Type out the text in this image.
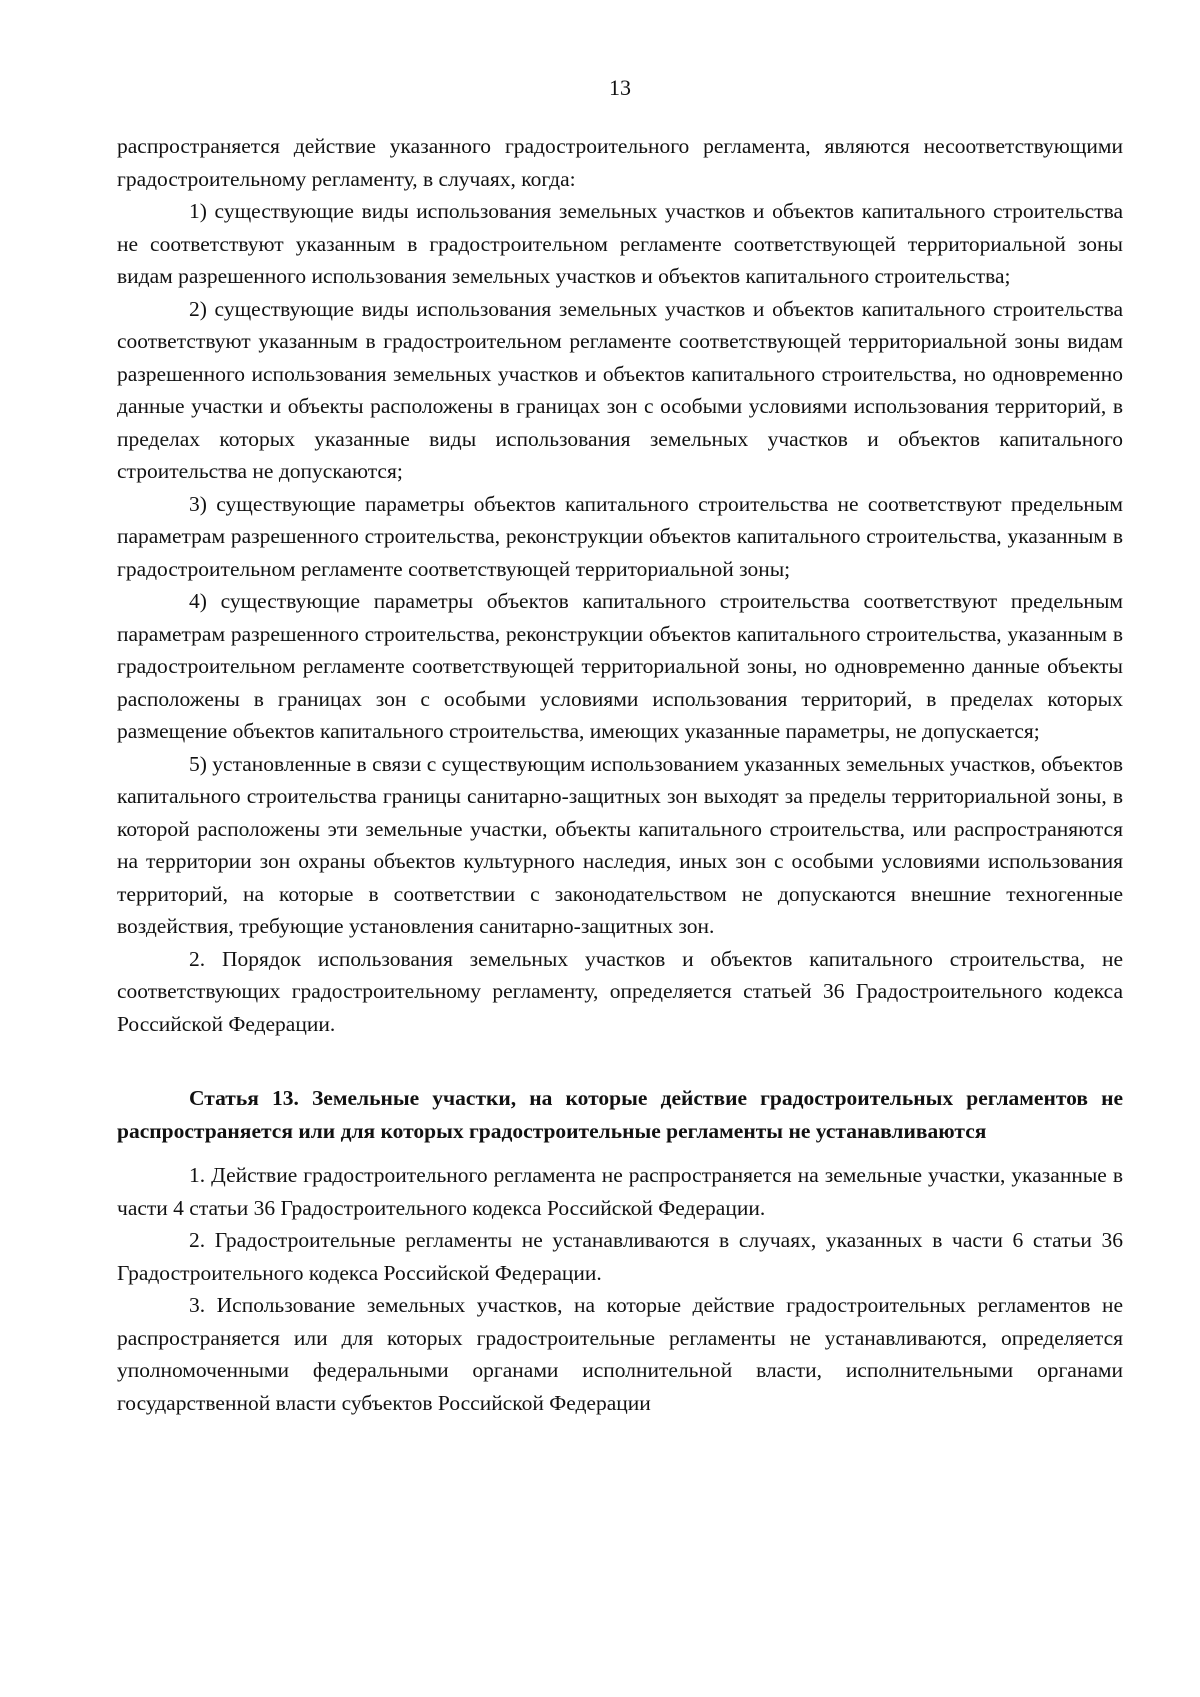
13

распространяется действие указанного градостроительного регламента, являются несоответствующими градостроительному регламенту, в случаях, когда:

1) существующие виды использования земельных участков и объектов капитального строительства не соответствуют указанным в градостроительном регламенте соответствующей территориальной зоны видам разрешенного использования земельных участков и объектов капитального строительства;

2) существующие виды использования земельных участков и объектов капитального строительства соответствуют указанным в градостроительном регламенте соответствующей территориальной зоны видам разрешенного использования земельных участков и объектов капитального строительства, но одновременно данные участки и объекты расположены в границах зон с особыми условиями использования территорий, в пределах которых указанные виды использования земельных участков и объектов капитального строительства не допускаются;

3) существующие параметры объектов капитального строительства не соответствуют предельным параметрам разрешенного строительства, реконструкции объектов капитального строительства, указанным в градостроительном регламенте соответствующей территориальной зоны;

4) существующие параметры объектов капитального строительства соответствуют предельным параметрам разрешенного строительства, реконструкции объектов капитального строительства, указанным в градостроительном регламенте соответствующей территориальной зоны, но одновременно данные объекты расположены в границах зон с особыми условиями использования территорий, в пределах которых размещение объектов капитального строительства, имеющих указанные параметры, не допускается;

5) установленные в связи с существующим использованием указанных земельных участков, объектов капитального строительства границы санитарно-защитных зон выходят за пределы территориальной зоны, в которой расположены эти земельные участки, объекты капитального строительства, или распространяются на территории зон охраны объектов культурного наследия, иных зон с особыми условиями использования территорий, на которые в соответствии с законодательством не допускаются внешние техногенные воздействия, требующие установления санитарно-защитных зон.

2. Порядок использования земельных участков и объектов капитального строительства, не соответствующих градостроительному регламенту, определяется статьей 36 Градостроительного кодекса Российской Федерации.

Статья 13. Земельные участки, на которые действие градостроительных регламентов не распространяется или для которых градостроительные регламенты не устанавливаются

1. Действие градостроительного регламента не распространяется на земельные участки, указанные в части 4 статьи 36 Градостроительного кодекса Российской Федерации.

2. Градостроительные регламенты не устанавливаются в случаях, указанных в части 6 статьи 36 Градостроительного кодекса Российской Федерации.

3. Использование земельных участков, на которые действие градостроительных регламентов не распространяется или для которых градостроительные регламенты не устанавливаются, определяется уполномоченными федеральными органами исполнительной власти, исполнительными органами государственной власти субъектов Российской Федерации
